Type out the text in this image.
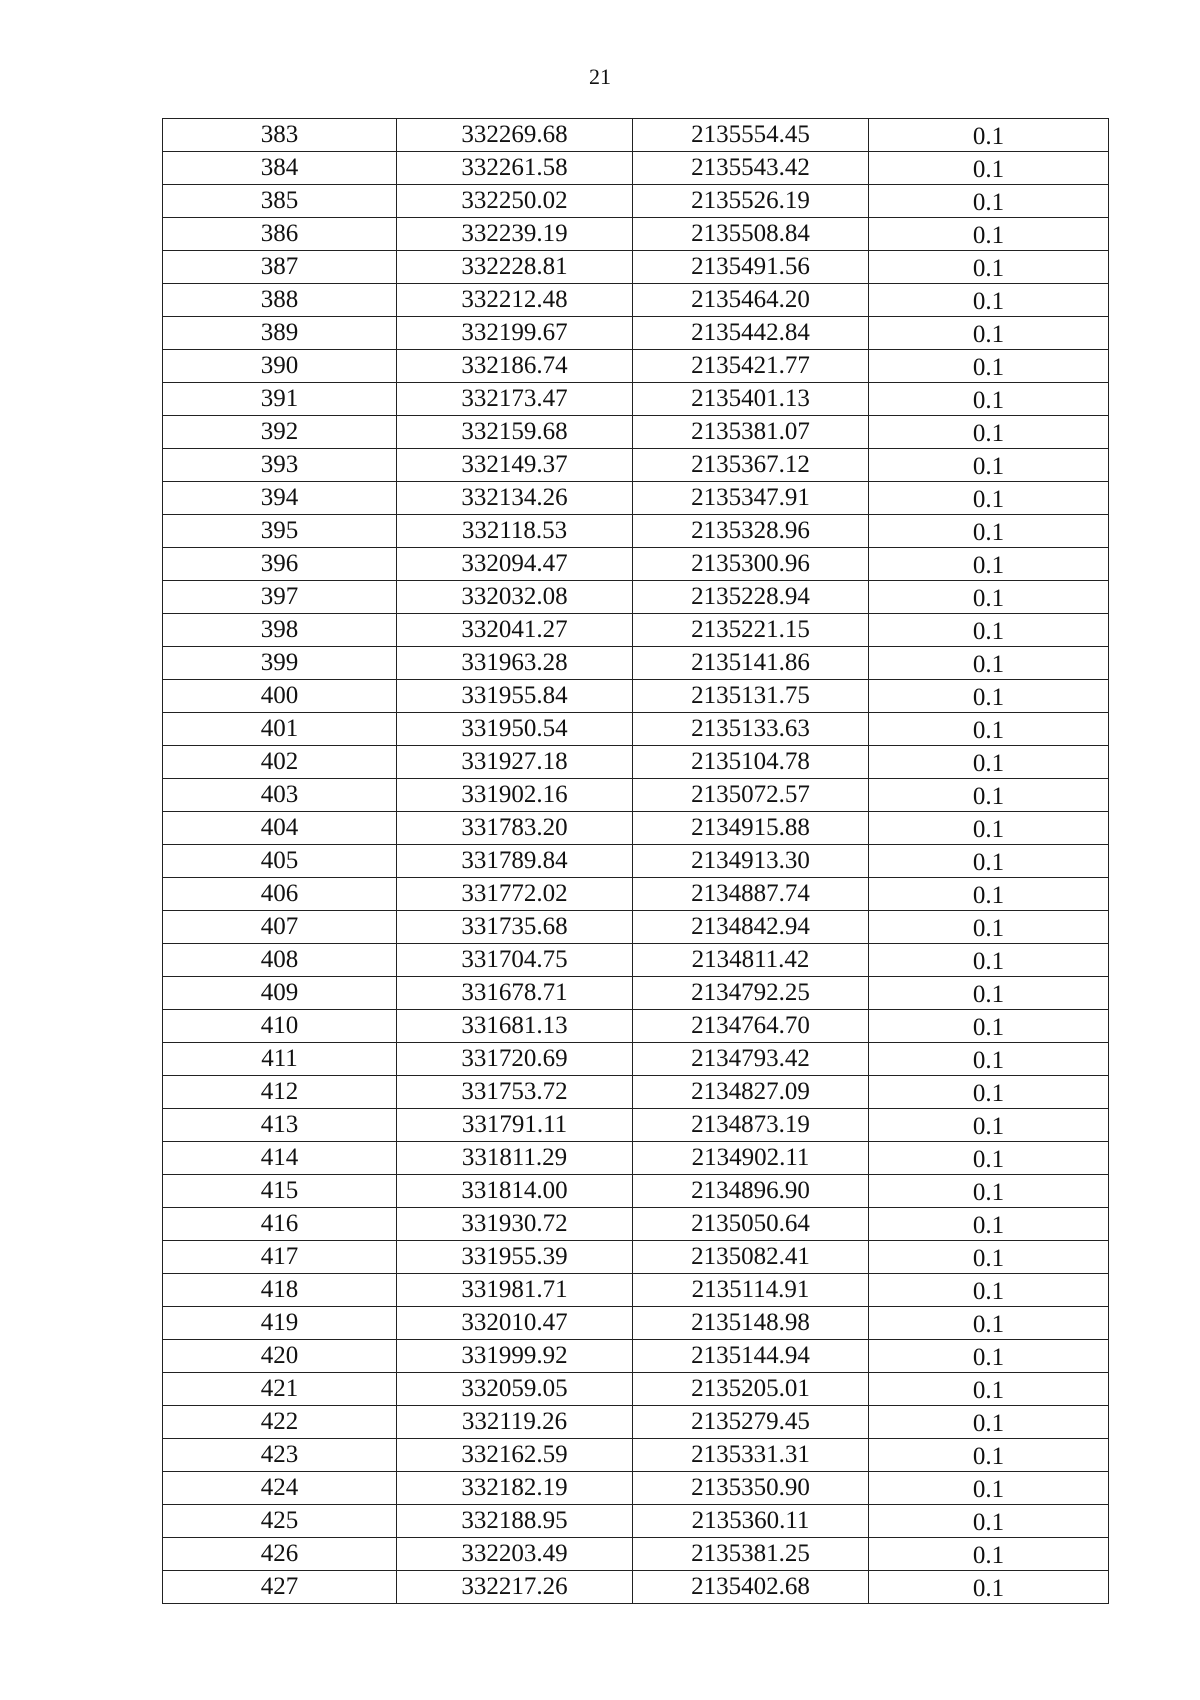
21
383	332269.68	2135554.45	0.1
384	332261.58	2135543.42	0.1
385	332250.02	2135526.19	0.1
386	332239.19	2135508.84	0.1
387	332228.81	2135491.56	0.1
388	332212.48	2135464.20	0.1
389	332199.67	2135442.84	0.1
390	332186.74	2135421.77	0.1
391	332173.47	2135401.13	0.1
392	332159.68	2135381.07	0.1
393	332149.37	2135367.12	0.1
394	332134.26	2135347.91	0.1
395	332118.53	2135328.96	0.1
396	332094.47	2135300.96	0.1
397	332032.08	2135228.94	0.1
398	332041.27	2135221.15	0.1
399	331963.28	2135141.86	0.1
400	331955.84	2135131.75	0.1
401	331950.54	2135133.63	0.1
402	331927.18	2135104.78	0.1
403	331902.16	2135072.57	0.1
404	331783.20	2134915.88	0.1
405	331789.84	2134913.30	0.1
406	331772.02	2134887.74	0.1
407	331735.68	2134842.94	0.1
408	331704.75	2134811.42	0.1
409	331678.71	2134792.25	0.1
410	331681.13	2134764.70	0.1
411	331720.69	2134793.42	0.1
412	331753.72	2134827.09	0.1
413	331791.11	2134873.19	0.1
414	331811.29	2134902.11	0.1
415	331814.00	2134896.90	0.1
416	331930.72	2135050.64	0.1
417	331955.39	2135082.41	0.1
418	331981.71	2135114.91	0.1
419	332010.47	2135148.98	0.1
420	331999.92	2135144.94	0.1
421	332059.05	2135205.01	0.1
422	332119.26	2135279.45	0.1
423	332162.59	2135331.31	0.1
424	332182.19	2135350.90	0.1
425	332188.95	2135360.11	0.1
426	332203.49	2135381.25	0.1
427	332217.26	2135402.68	0.1
